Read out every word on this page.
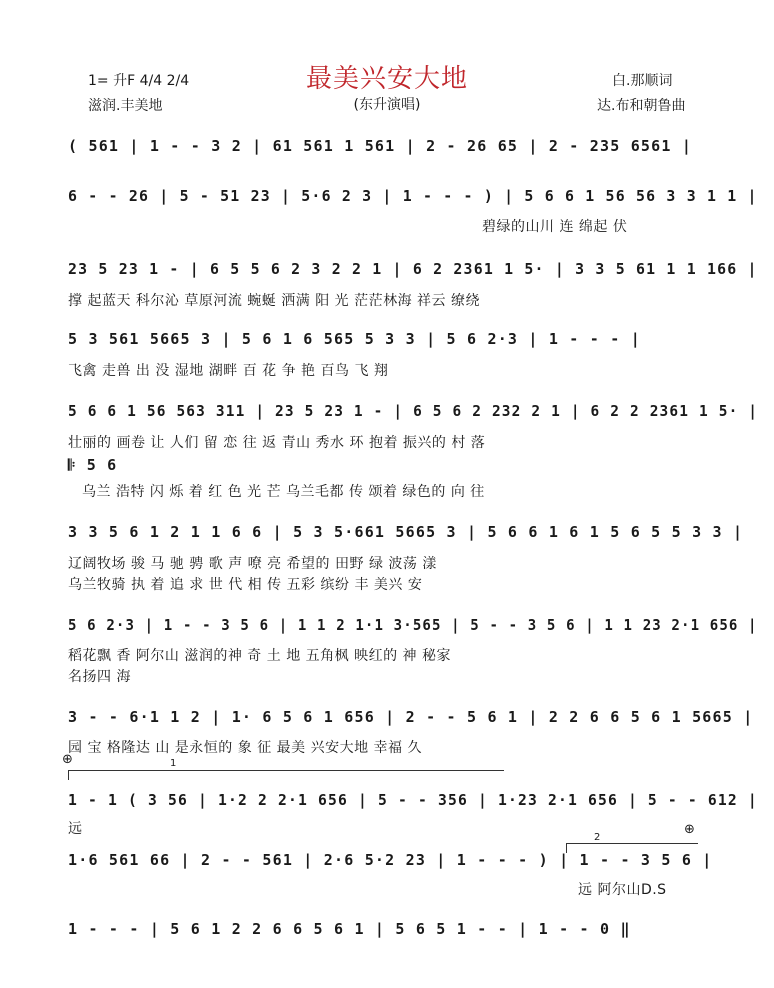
最美兴安大地
(东升演唱)
1= 升F 4/4 2/4
滋润.丰美地
白.那顺词
达.布和朝鲁曲
( 561 | 1 - - 3 2 | 61 561 1 561 | 2 - 26 65 | 2 - 235 6561 |
6 - - 26 | 5 - 51 23 | 5·6 2 3 | 1 - - - ) | 5 6 6 1 56 56 3 3 1 1 |
碧绿的山川 连 绵起 伏
23 5 23 1 - | 6 5 5 6 2 3 2 2 1 | 6 2 2361 1 5· | 3 3 5 61 1 1 166 |
撑 起蓝天 科尔沁 草原河流 蜿蜒 洒满 阳 光 茫茫林海 祥云 缭绕
5 3 561 5665 3 | 5 6 1 6 565 5 3 3 | 5 6 2·3 | 1 - - - |
飞禽 走兽 出 没 湿地 湖畔 百 花 争 艳 百鸟 飞 翔
5 6 6 1 56 563 311 | 23 5 23 1 - | 6 5 6 2 232 2 1 | 6 2 2 2361 1 5· |
壮丽的 画卷 让 人们 留 恋 往 返 青山 秀水 环 抱着 振兴的 村 落
𝄆 5 6
乌兰 浩特 闪 烁 着 红 色 光 芒 乌兰毛都 传 颂着 绿色的 向 往
3 3 5 6 1 2 1 1 6 6 | 5 3 5·661 5665 3 | 5 6 6 1 6 1 5 6 5 5 3 3 |
辽阔牧场 骏 马 驰 骋 歌 声 嘹 亮 希望的 田野 绿 波荡 漾
乌兰牧骑 执 着 追 求 世 代 相 传 五彩 缤纷 丰 美兴 安
5 6 2·3 | 1 - - 3 5 6 | 1 1 2 1·1 3·565 | 5 - - 3 5 6 | 1 1 23 2·1 656 |
稻花飘 香 阿尔山 滋润的神 奇 土 地 五角枫 映红的 神 秘家
名扬四 海
3 - - 6·1 1 2 | 1· 6 5 6 1 656 | 2 - - 5 6 1 | 2 2 6 6 5 6 1 5665 |
园 宝 格隆达 山 是永恒的 象 征 最美 兴安大地 幸福 久
⊕	1
1 - 1 ( 3 56 | 1·2 2 2·1 656 | 5 - - 356 | 1·23 2·1 656 | 5 - - 612 |
远	⊕
2
1·6 561 66 | 2 - - 561 | 2·6 5·2 23 | 1 - - - ) | 1 - - 3 5 6 |
远 阿尔山D.S
1 - - - | 5 6 1 2 2 6 6 5 6 1 | 5 6 5 1 - - | 1 - - 0 ‖
